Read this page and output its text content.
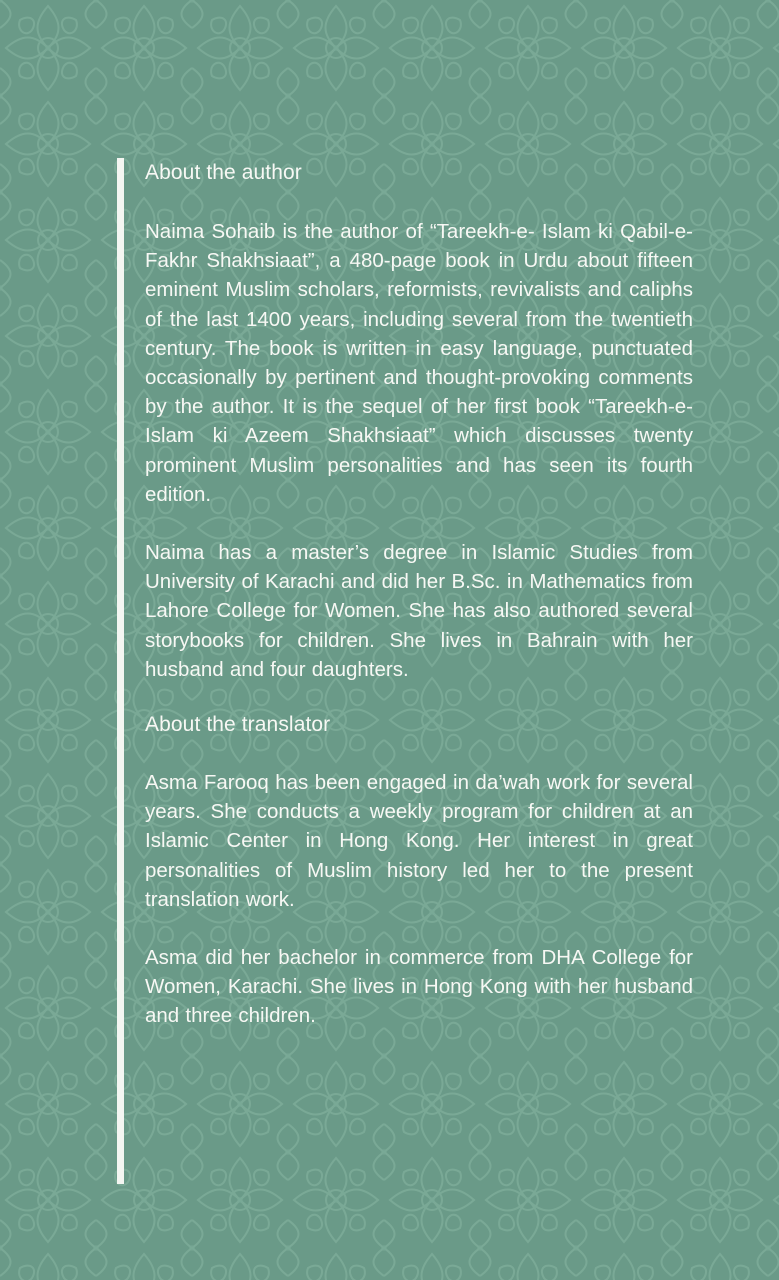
About the author

Naima Sohaib is the author of “Tareekh-e- Islam ki Qabil-e-Fakhr Shakhsiaat”, a 480-page book in Urdu about fifteen eminent Muslim scholars, reformists, revivalists and caliphs of the last 1400 years, including several from the twentieth century. The book is written in easy language, punctuated occasionally by pertinent and thought-provoking comments by the author. It is the sequel of her first book “Tareekh-e- Islam ki Azeem Shakhsiaat” which discusses twenty prominent Muslim personalities and has seen its fourth edition.

Naima has a master’s degree in Islamic Studies from University of Karachi and did her B.Sc. in Mathematics from Lahore College for Women. She has also authored several storybooks for children. She lives in Bahrain with her husband and four daughters.

About the translator

Asma Farooq has been engaged in da’wah work for several years. She conducts a weekly program for children at an Islamic Center in Hong Kong. Her interest in great personalities of Muslim history led her to the present translation work.

Asma did her bachelor in commerce from DHA College for Women, Karachi. She lives in Hong Kong with her husband and three children.
